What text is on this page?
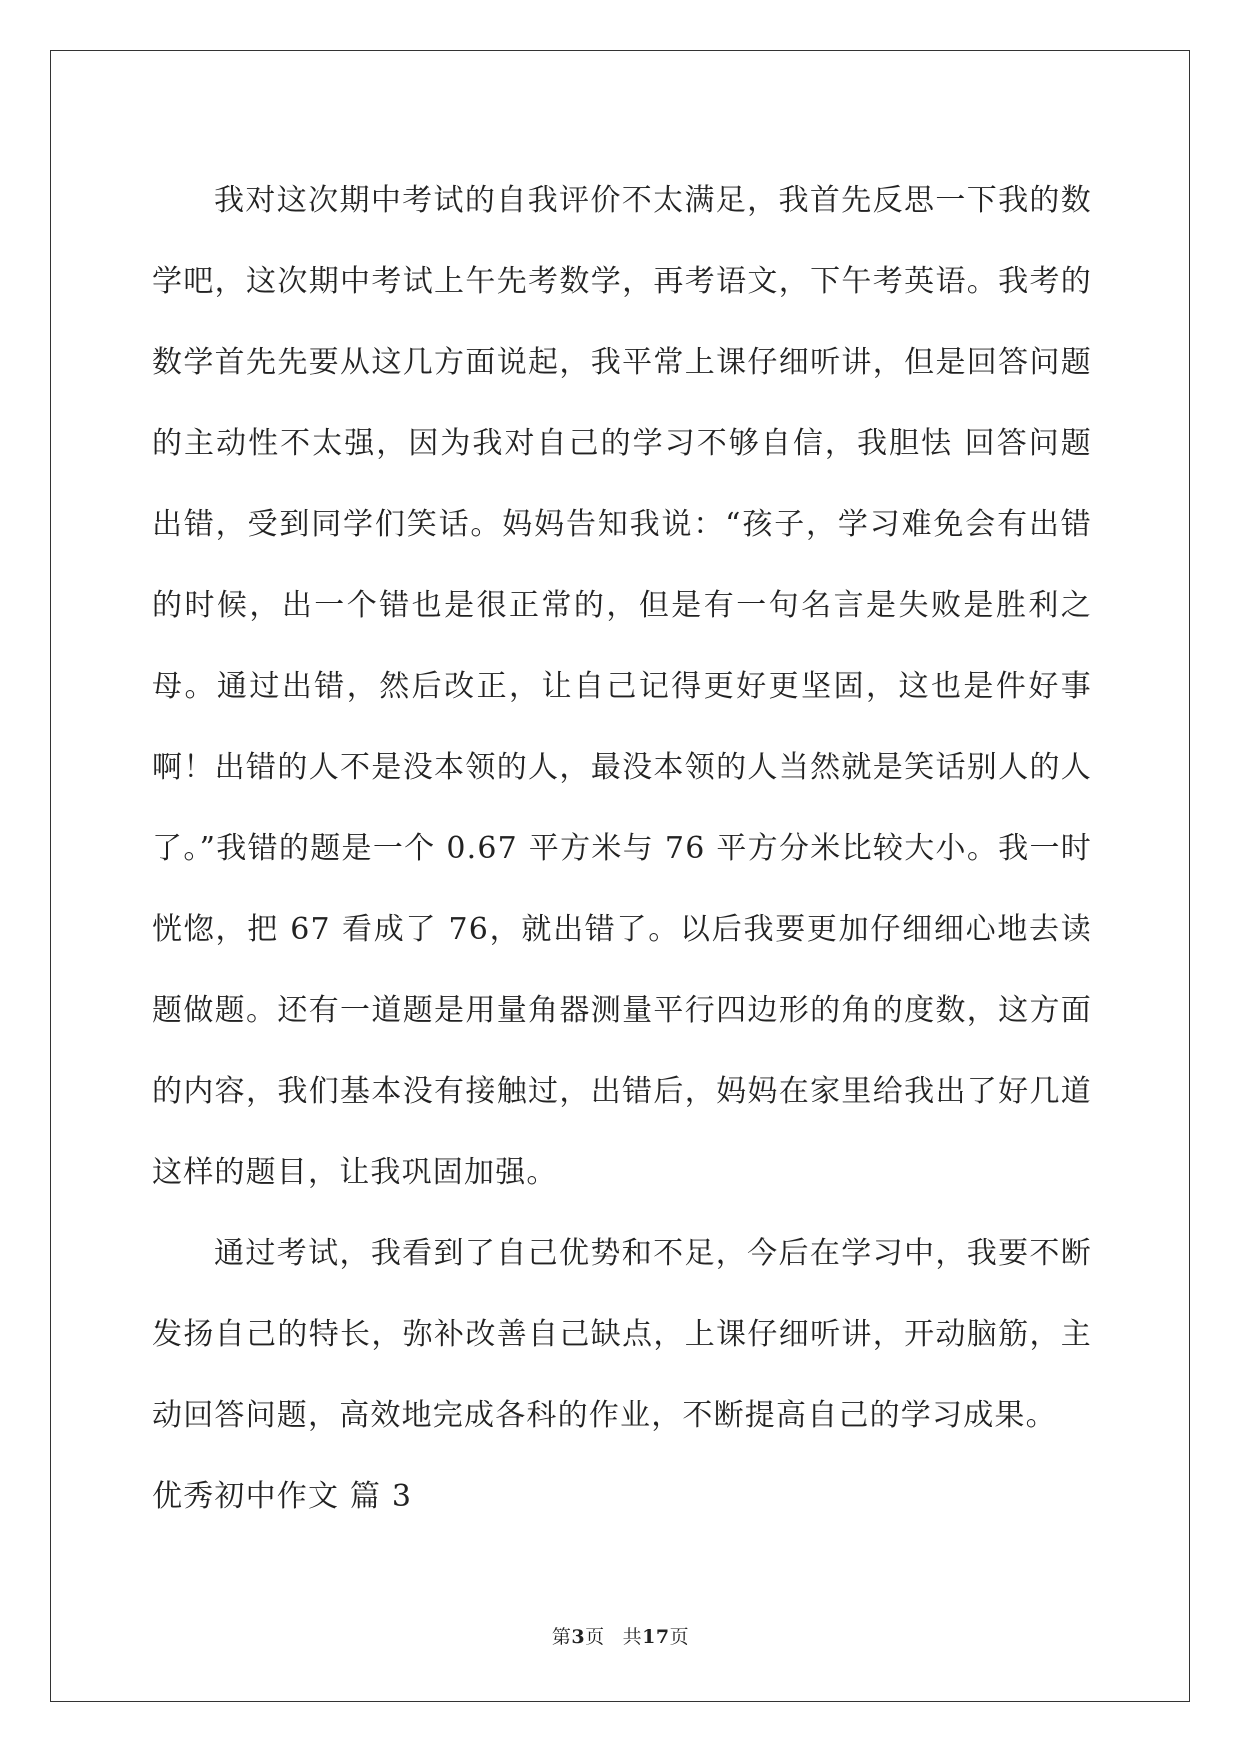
我对这次期中考试的自我评价不太满足，我首先反思一下我的数学吧，这次期中考试上午先考数学，再考语文，下午考英语。我考的数学首先先要从这几方面说起，我平常上课仔细听讲，但是回答问题的主动性不太强，因为我对自己的学习不够自信，我胆怯 回答问题出错，受到同学们笑话。妈妈告知我说：“孩子，学习难免会有出错的时候，出一个错也是很正常的，但是有一句名言是失败是胜利之母。通过出错，然后改正，让自己记得更好更坚固，这也是件好事啊！出错的人不是没本领的人，最没本领的人当然就是笑话别人的人了。”我错的题是一个 0.67 平方米与 76 平方分米比较大小。我一时恍惚，把 67 看成了 76，就出错了。以后我要更加仔细细心地去读题做题。还有一道题是用量角器测量平行四边形的角的度数，这方面的内容，我们基本没有接触过，出错后，妈妈在家里给我出了好几道这样的题目，让我巩固加强。

通过考试，我看到了自己优势和不足，今后在学习中，我要不断发扬自己的特长，弥补改善自己缺点，上课仔细听讲，开动脑筋，主动回答问题，高效地完成各科的作业，不断提高自己的学习成果。

优秀初中作文 篇 3

第3页 共17页
